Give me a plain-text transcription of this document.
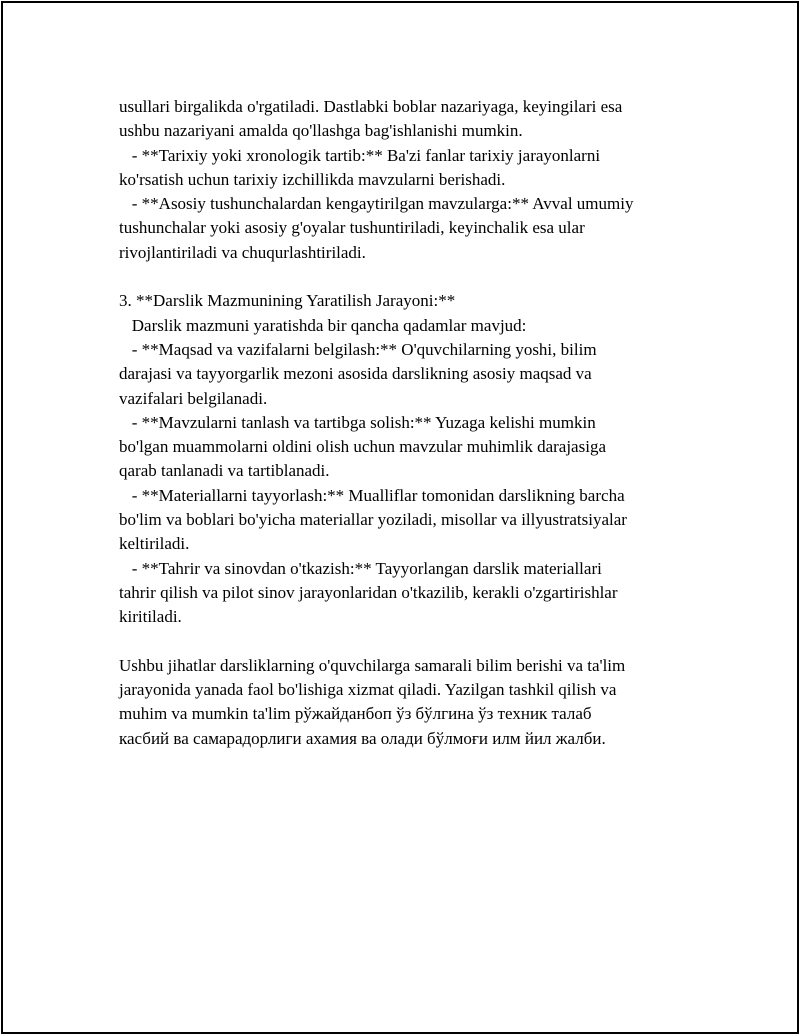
usullari birgalikda o'rgatiladi. Dastlabki boblar nazariyaga, keyingilari esa
ushbu nazariyani amalda qo'llashga bag'ishlanishi mumkin.
- **Tarixiy yoki xronologik tartib:** Ba'zi fanlar tarixiy jarayonlarni
ko'rsatish uchun tarixiy izchillikda mavzularni berishadi.
- **Asosiy tushunchalardan kengaytirilgan mavzularga:** Avval umumiy
tushunchalar yoki asosiy g'oyalar tushuntiriladi, keyinchalik esa ular
rivojlantiriladi va chuqurlashtiriladi.
3. **Darslik Mazmunining Yaratilish Jarayoni:**
Darslik mazmuni yaratishda bir qancha qadamlar mavjud:
- **Maqsad va vazifalarni belgilash:** O'quvchilarning yoshi, bilim
darajasi va tayyorgarlik mezoni asosida darslikning asosiy maqsad va
vazifalari belgilanadi.
- **Mavzularni tanlash va tartibga solish:** Yuzaga kelishi mumkin
bo'lgan muammolarni oldini olish uchun mavzular muhimlik darajasiga
qarab tanlanadi va tartiblanadi.
- **Materiallarni tayyorlash:** Mualliflar tomonidan darslikning barcha
bo'lim va boblari bo'yicha materiallar yoziladi, misollar va illyustratsiyalar
keltiriladi.
- **Tahrir va sinovdan o'tkazish:** Tayyorlangan darslik materiallari
tahrir qilish va pilot sinov jarayonlaridan o'tkazilib, kerakli o'zgartirishlar
kiritiladi.
Ushbu jihatlar darsliklarning o'quvchilarga samarali bilim berishi va ta'lim
jarayonida yanada faol bo'lishiga xizmat qiladi. Yazilgan tashkil qilish va
muhim va mumkin ta'lim рўжайданбоп ўз бўлгина ўз техник талаб
касбий ва самарадорлиги ахамия ва олади бўлмоғи илм йил жалби.
